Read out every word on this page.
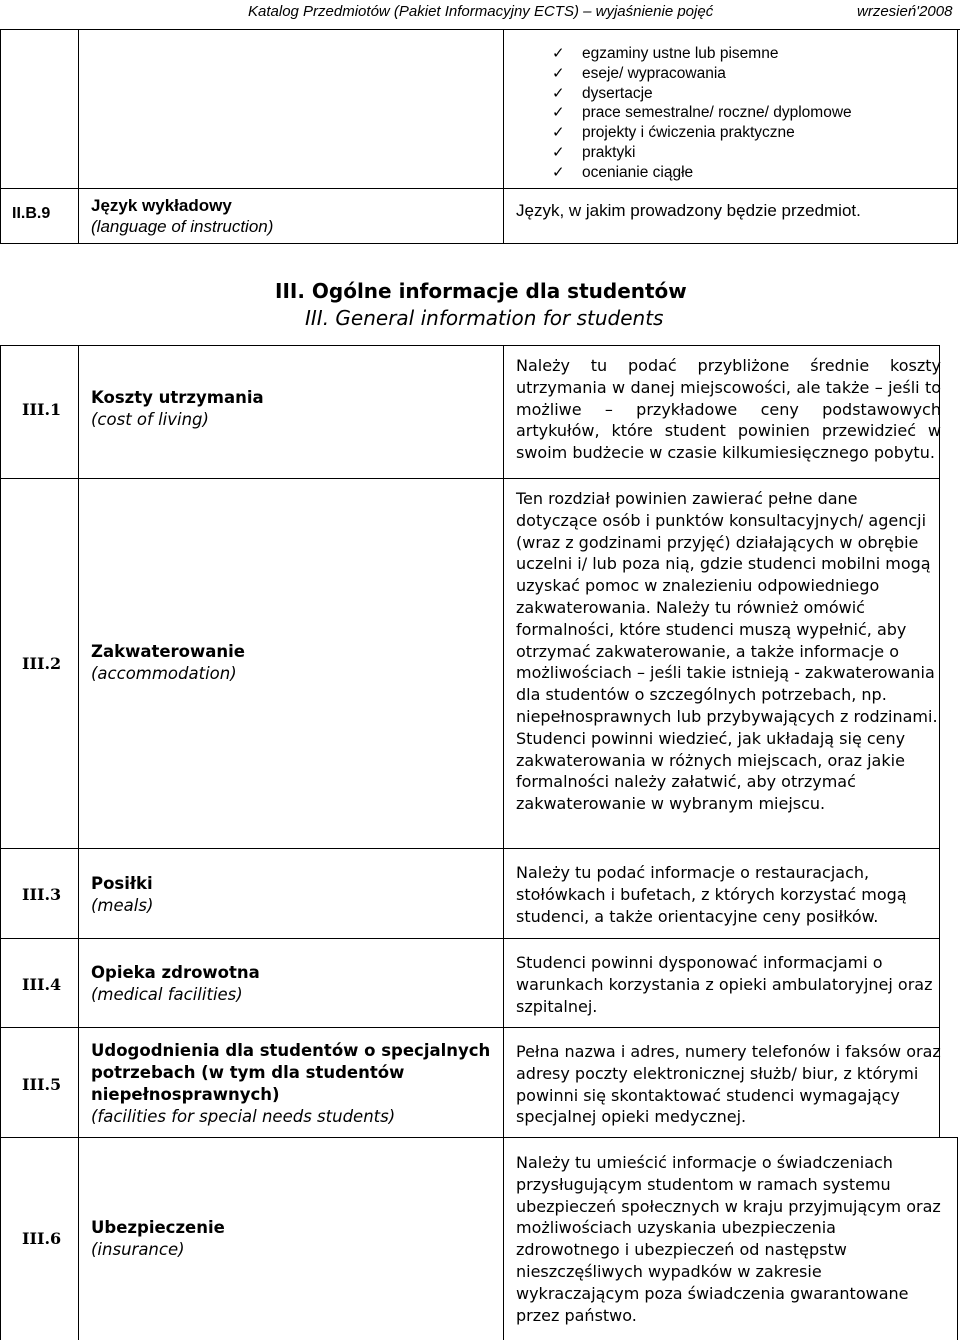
Katalog Przedmiotów (Pakiet Informacyjny ECTS) – wyjaśnienie pojęć	wrzesień'2008
✓ egzaminy ustne lub pisemne
✓ eseje/ wypracowania
✓ dysertacje
✓ prace semestralne/ roczne/ dyplomowe
✓ projekty i ćwiczenia praktyczne
✓ praktyki
✓ ocenianie ciągłe
II.B.9 Język wykładowy
(language of instruction)
Język, w jakim prowadzony będzie przedmiot.
III. Ogólne informacje dla studentów
III. General information for students
III.1
Koszty utrzymania
(cost of living)
Należy tu podać przybliżone średnie koszty utrzymania w danej miejscowości, ale także – jeśli to możliwe – przykładowe ceny podstawowych artykułów, które student powinien przewidzieć w swoim budżecie w czasie kilkumiesięcznego pobytu.
III.2
Zakwaterowanie
(accommodation)
Ten rozdział powinien zawierać pełne dane dotyczące osób i punktów konsultacyjnych/ agencji (wraz z godzinami przyjęć) działających w obrębie uczelni i/ lub poza nią, gdzie studenci mobilni mogą uzyskać pomoc w znalezieniu odpowiedniego zakwaterowania. Należy tu również omówić formalności, które studenci muszą wypełnić, aby otrzymać zakwaterowanie, a także informacje o możliwościach – jeśli takie istnieją - zakwaterowania dla studentów o szczególnych potrzebach, np. niepełnosprawnych lub przybywających z rodzinami. Studenci powinni wiedzieć, jak układają się ceny zakwaterowania w różnych miejscach, oraz jakie formalności należy załatwić, aby otrzymać zakwaterowanie w wybranym miejscu.
III.3
Posiłki
(meals)
Należy tu podać informacje o restauracjach, stołówkach i bufetach, z których korzystać mogą studenci, a także orientacyjne ceny posiłków.
III.4
Opieka zdrowotna
(medical facilities)
Studenci powinni dysponować informacjami o warunkach korzystania z opieki ambulatoryjnej oraz szpitalnej.
III.5
Udogodnienia dla studentów o specjalnych potrzebach (w tym dla studentów niepełnosprawnych)
(facilities for special needs students)
Pełna nazwa i adres, numery telefonów i faksów oraz adresy poczty elektronicznej służb/ biur, z którymi powinni się skontaktować studenci wymagający specjalnej opieki medycznej.
III.6
Ubezpieczenie
(insurance)
Należy tu umieścić informacje o świadczeniach przysługującym studentom w ramach systemu ubezpieczeń społecznych w kraju przyjmującym oraz możliwościach uzyskania ubezpieczenia zdrowotnego i ubezpieczeń od następstw nieszczęśliwych wypadków w zakresie wykraczającym poza świadczenia gwarantowane przez państwo.
